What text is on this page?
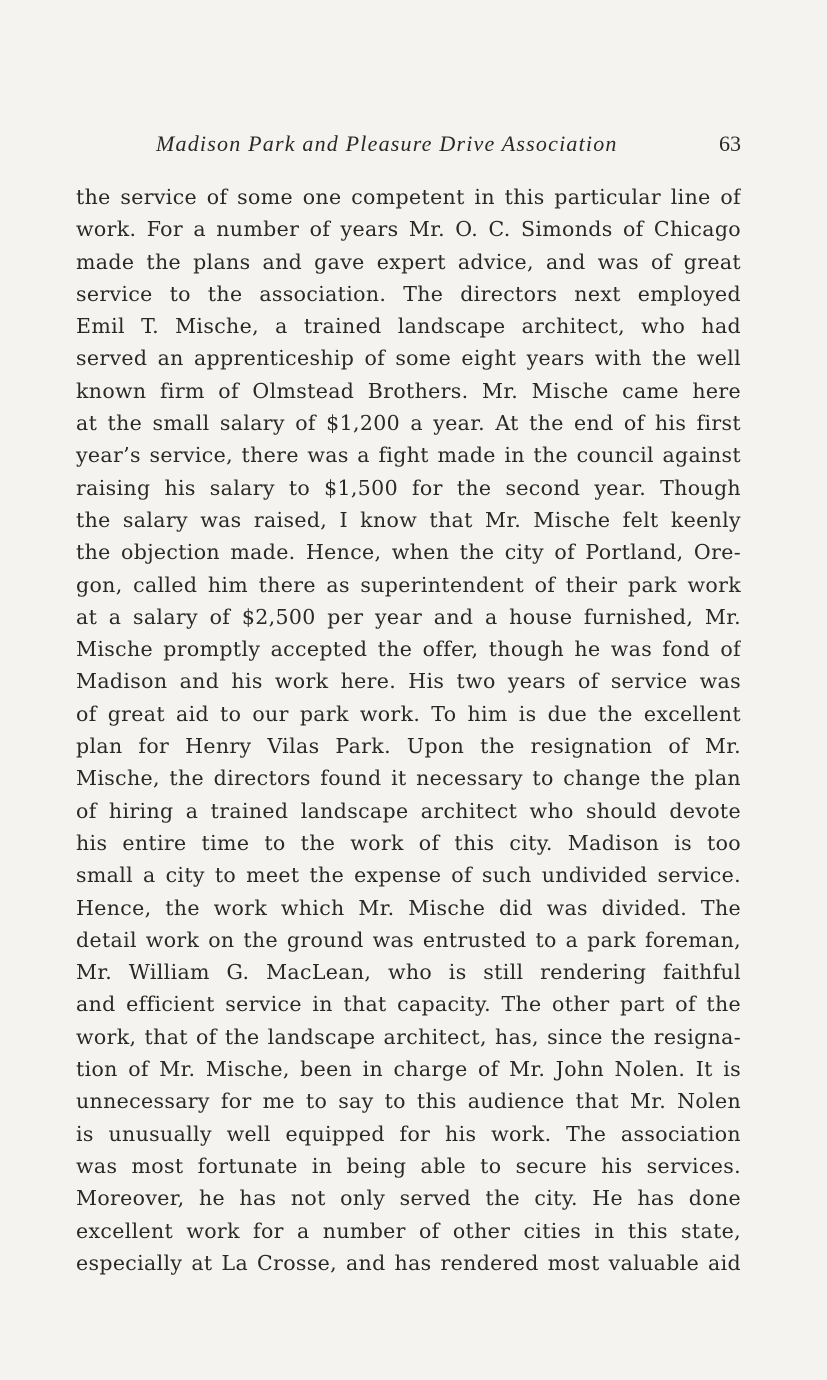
Madison Park and Pleasure Drive Association	63
the service of some one competent in this particular line of
work. For a number of years Mr. O. C. Simonds of Chicago
made the plans and gave expert advice, and was of great
service to the association. The directors next employed
Emil T. Mische, a trained landscape architect, who had
served an apprenticeship of some eight years with the well
known firm of Olmstead Brothers. Mr. Mische came here
at the small salary of $1,200 a year. At the end of his first
year’s service, there was a fight made in the council against
raising his salary to $1,500 for the second year. Though
the salary was raised, I know that Mr. Mische felt keenly
the objection made. Hence, when the city of Portland, Ore-
gon, called him there as superintendent of their park work
at a salary of $2,500 per year and a house furnished, Mr.
Mische promptly accepted the offer, though he was fond of
Madison and his work here. His two years of service was
of great aid to our park work. To him is due the excellent
plan for Henry Vilas Park. Upon the resignation of Mr.
Mische, the directors found it necessary to change the plan
of hiring a trained landscape architect who should devote
his entire time to the work of this city. Madison is too
small a city to meet the expense of such undivided service.
Hence, the work which Mr. Mische did was divided. The
detail work on the ground was entrusted to a park foreman,
Mr. William G. MacLean, who is still rendering faithful
and efficient service in that capacity. The other part of the
work, that of the landscape architect, has, since the resigna-
tion of Mr. Mische, been in charge of Mr. John Nolen. It is
unnecessary for me to say to this audience that Mr. Nolen
is unusually well equipped for his work. The association
was most fortunate in being able to secure his services.
Moreover, he has not only served the city. He has done
excellent work for a number of other cities in this state,
especially at La Crosse, and has rendered most valuable aid
